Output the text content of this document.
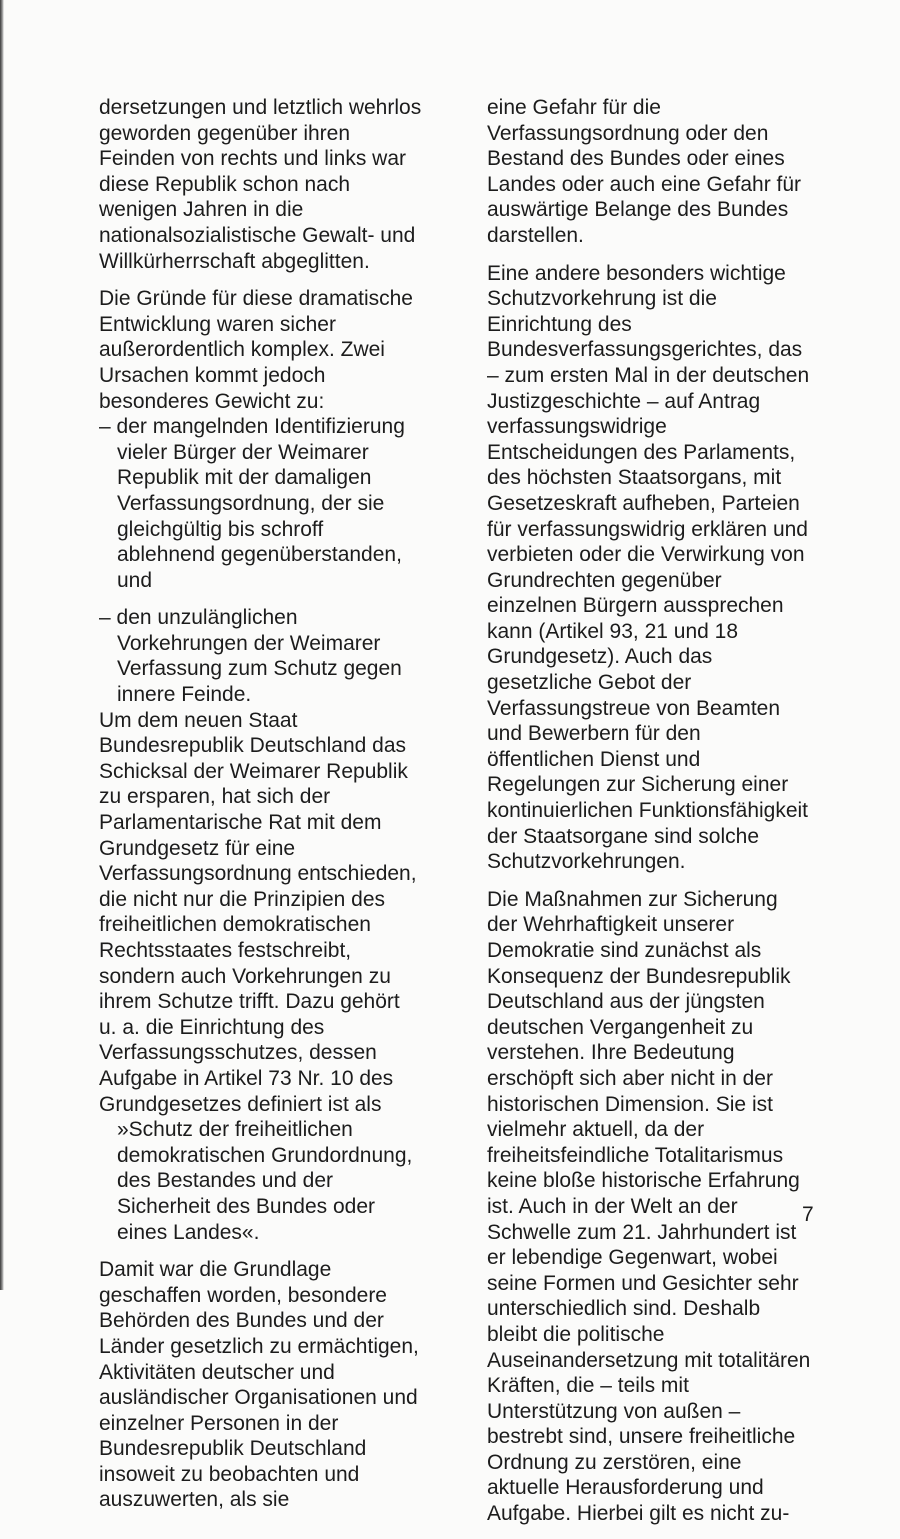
dersetzungen und letztlich wehrlos geworden gegenüber ihren Feinden von rechts und links war diese Republik schon nach wenigen Jahren in die nationalsozialistische Gewalt- und Willkürherrschaft abgeglitten.

Die Gründe für diese dramatische Entwicklung waren sicher außerordentlich komplex. Zwei Ursachen kommt jedoch besonderes Gewicht zu:

– der mangelnden Identifizierung vieler Bürger der Weimarer Republik mit der damaligen Verfassungsordnung, der sie gleichgültig bis schroff ablehnend gegenüberstanden, und

– den unzulänglichen Vorkehrungen der Weimarer Verfassung zum Schutz gegen innere Feinde.

Um dem neuen Staat Bundesrepublik Deutschland das Schicksal der Weimarer Republik zu ersparen, hat sich der Parlamentarische Rat mit dem Grundgesetz für eine Verfassungsordnung entschieden, die nicht nur die Prinzipien des freiheitlichen demokratischen Rechtsstaates festschreibt, sondern auch Vorkehrungen zu ihrem Schutze trifft. Dazu gehört u. a. die Einrichtung des Verfassungsschutzes, dessen Aufgabe in Artikel 73 Nr. 10 des Grundgesetzes definiert ist als

»Schutz der freiheitlichen demokratischen Grundordnung, des Bestandes und der Sicherheit des Bundes oder eines Landes«.

Damit war die Grundlage geschaffen worden, besondere Behörden des Bundes und der Länder gesetzlich zu ermächtigen, Aktivitäten deutscher und ausländischer Organisationen und einzelner Personen in der Bundesrepublik Deutschland insoweit zu beobachten und auszuwerten, als sie

eine Gefahr für die Verfassungsordnung oder den Bestand des Bundes oder eines Landes oder auch eine Gefahr für auswärtige Belange des Bundes darstellen.

Eine andere besonders wichtige Schutzvorkehrung ist die Einrichtung des Bundesverfassungsgerichtes, das – zum ersten Mal in der deutschen Justizgeschichte – auf Antrag verfassungswidrige Entscheidungen des Parlaments, des höchsten Staatsorgans, mit Gesetzeskraft aufheben, Parteien für verfassungswidrig erklären und verbieten oder die Verwirkung von Grundrechten gegenüber einzelnen Bürgern aussprechen kann (Artikel 93, 21 und 18 Grundgesetz). Auch das gesetzliche Gebot der Verfassungstreue von Beamten und Bewerbern für den öffentlichen Dienst und Regelungen zur Sicherung einer kontinuierlichen Funktionsfähigkeit der Staatsorgane sind solche Schutzvorkehrungen.

Die Maßnahmen zur Sicherung der Wehrhaftigkeit unserer Demokratie sind zunächst als Konsequenz der Bundesrepublik Deutschland aus der jüngsten deutschen Vergangenheit zu verstehen. Ihre Bedeutung erschöpft sich aber nicht in der historischen Dimension. Sie ist vielmehr aktuell, da der freiheitsfeindliche Totalitarismus keine bloße historische Erfahrung ist. Auch in der Welt an der Schwelle zum 21. Jahrhundert ist er lebendige Gegenwart, wobei seine Formen und Gesichter sehr unterschiedlich sind. Deshalb bleibt die politische Auseinandersetzung mit totalitären Kräften, die – teils mit Unterstützung von außen – bestrebt sind, unsere freiheitliche Ordnung zu zerstören, eine aktuelle Herausforderung und Aufgabe. Hierbei gilt es nicht zu-

7
